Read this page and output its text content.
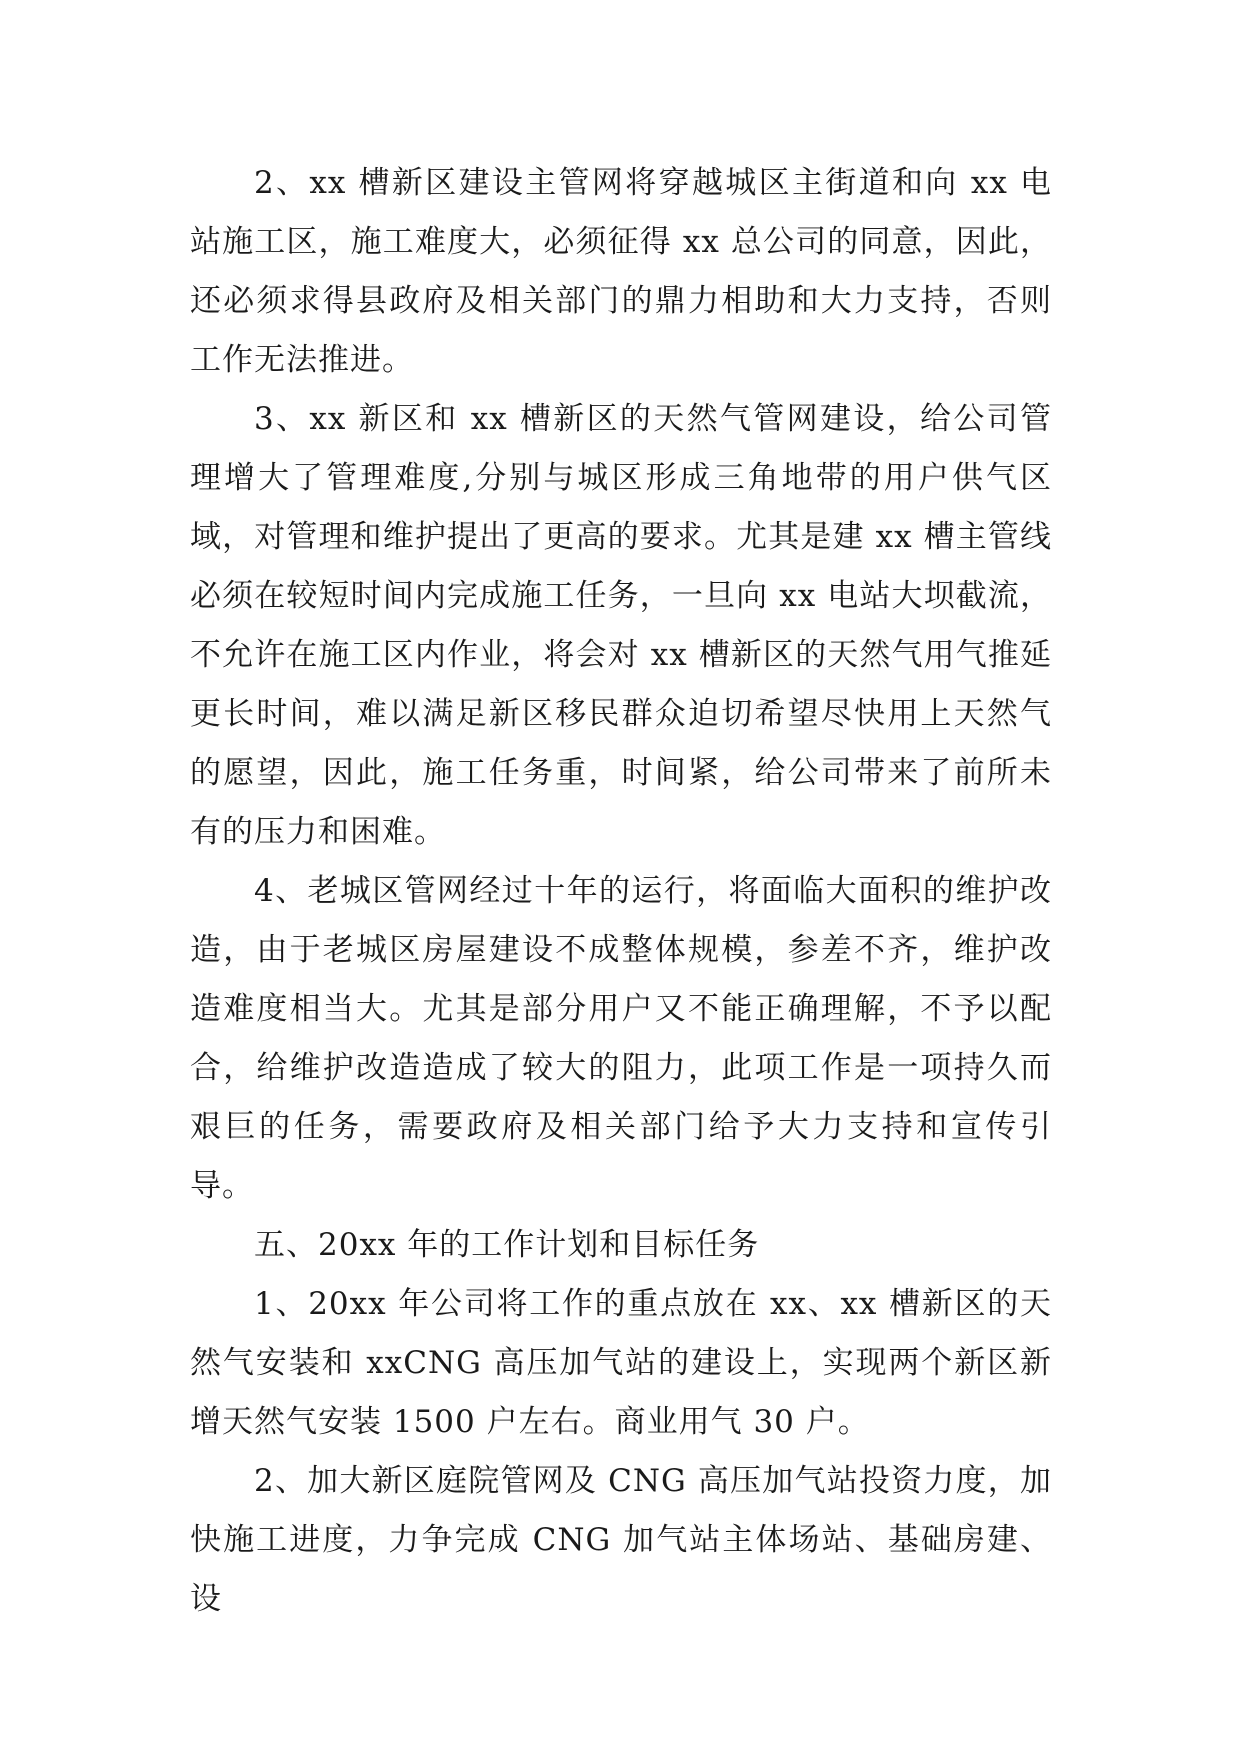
2、xx 槽新区建设主管网将穿越城区主街道和向 xx 电站施工区，施工难度大，必须征得 xx 总公司的同意，因此，还必须求得县政府及相关部门的鼎力相助和大力支持，否则工作无法推进。

3、xx 新区和 xx 槽新区的天然气管网建设，给公司管理增大了管理难度,分别与城区形成三角地带的用户供气区域，对管理和维护提出了更高的要求。尤其是建 xx 槽主管线必须在较短时间内完成施工任务，一旦向 xx 电站大坝截流，不允许在施工区内作业，将会对 xx 槽新区的天然气用气推延更长时间，难以满足新区移民群众迫切希望尽快用上天然气的愿望，因此，施工任务重，时间紧，给公司带来了前所未有的压力和困难。

4、老城区管网经过十年的运行，将面临大面积的维护改造，由于老城区房屋建设不成整体规模，参差不齐，维护改造难度相当大。尤其是部分用户又不能正确理解，不予以配合，给维护改造造成了较大的阻力，此项工作是一项持久而艰巨的任务，需要政府及相关部门给予大力支持和宣传引导。

五、20xx 年的工作计划和目标任务

1、20xx 年公司将工作的重点放在 xx、xx 槽新区的天然气安装和 xxCNG 高压加气站的建设上，实现两个新区新增天然气安装 1500 户左右。商业用气 30 户。

2、加大新区庭院管网及 CNG 高压加气站投资力度，加快施工进度，力争完成 CNG 加气站主体场站、基础房建、设
